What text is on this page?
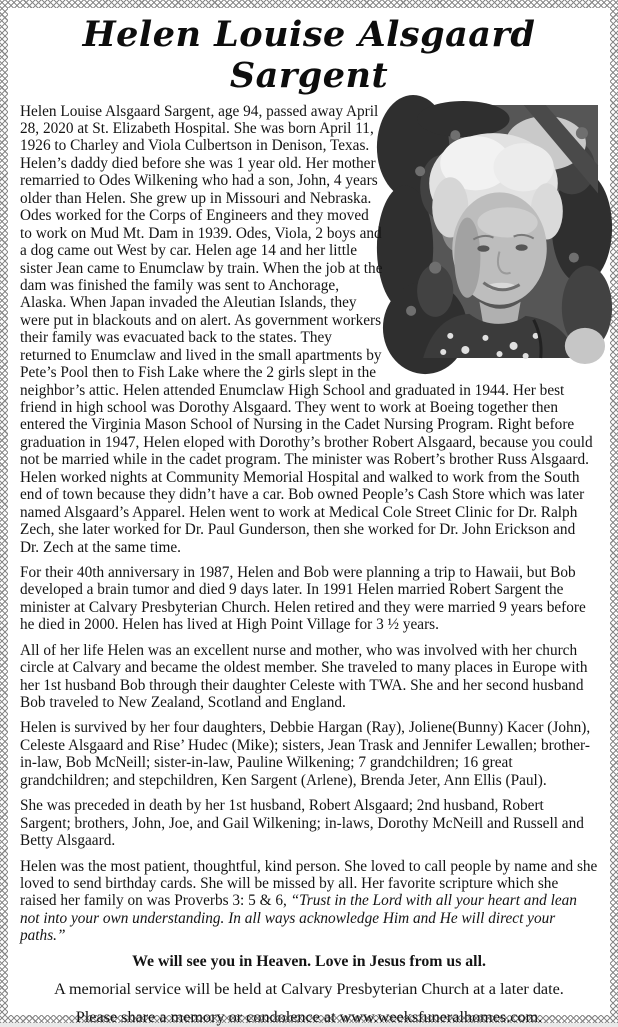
Helen Louise Alsgaard Sargent

Helen Louise Alsgaard Sargent, age 94, passed away April 28, 2020 at St. Elizabeth Hospital. She was born April 11, 1926 to Charley and Viola Culbertson in Denison, Texas. Helen’s daddy died before she was 1 year old. Her mother remarried to Odes Wilkening who had a son, John, 4 years older than Helen. She grew up in Missouri and Nebraska. Odes worked for the Corps of Engineers and they moved to work on Mud Mt. Dam in 1939. Odes, Viola, 2 boys and a dog came out West by car. Helen age 14 and her little sister Jean came to Enumclaw by train. When the job at the dam was finished the family was sent to Anchorage, Alaska. When Japan invaded the Aleutian Islands, they were put in blackouts and on alert. As government workers their family was evacuated back to the states. They returned to Enumclaw and lived in the small apartments by Pete’s Pool then to Fish Lake where the 2 girls slept in the neighbor’s attic. Helen attended Enumclaw High School and graduated in 1944. Her best friend in high school was Dorothy Alsgaard. They went to work at Boeing together then entered the Virginia Mason School of Nursing in the Cadet Nursing Program. Right before graduation in 1947, Helen eloped with Dorothy’s brother Robert Alsgaard, because you could not be married while in the cadet program. The minister was Robert’s brother Russ Alsgaard. Helen worked nights at Community Memorial Hospital and walked to work from the South end of town because they didn’t have a car. Bob owned People’s Cash Store which was later named Alsgaard’s Apparel. Helen went to work at Medical Cole Street Clinic for Dr. Ralph Zech, she later worked for Dr. Paul Gunderson, then she worked for Dr. John Erickson and Dr. Zech at the same time.

For their 40th anniversary in 1987, Helen and Bob were planning a trip to Hawaii, but Bob developed a brain tumor and died 9 days later. In 1991 Helen married Robert Sargent the minister at Calvary Presbyterian Church. Helen retired and they were married 9 years before he died in 2000. Helen has lived at High Point Village for 3 ½ years.

All of her life Helen was an excellent nurse and mother, who was involved with her church circle at Calvary and became the oldest member. She traveled to many places in Europe with her 1st husband Bob through their daughter Celeste with TWA. She and her second husband Bob traveled to New Zealand, Scotland and England.

Helen is survived by her four daughters, Debbie Hargan (Ray), Joliene(Bunny) Kacer (John), Celeste Alsgaard and Rise’ Hudec (Mike); sisters, Jean Trask and Jennifer Lewallen; brother-in-law, Bob McNeill; sister-in-law, Pauline Wilkening; 7 grandchildren; 16 great grandchildren; and stepchildren, Ken Sargent (Arlene), Brenda Jeter, Ann Ellis (Paul).

She was preceded in death by her 1st husband, Robert Alsgaard; 2nd husband, Robert Sargent; brothers, John, Joe, and Gail Wilkening; in-laws, Dorothy McNeill and Russell and Betty Alsgaard.

Helen was the most patient, thoughtful, kind person. She loved to call people by name and she loved to send birthday cards. She will be missed by all. Her favorite scripture which she raised her family on was Proverbs 3: 5 & 6, “Trust in the Lord with all your heart and lean not into your own understanding. In all ways acknowledge Him and He will direct your paths.”

We will see you in Heaven. Love in Jesus from us all.

A memorial service will be held at Calvary Presbyterian Church at a later date.

Please share a memory or condolence at www.weeksfuneralhomes.com.
